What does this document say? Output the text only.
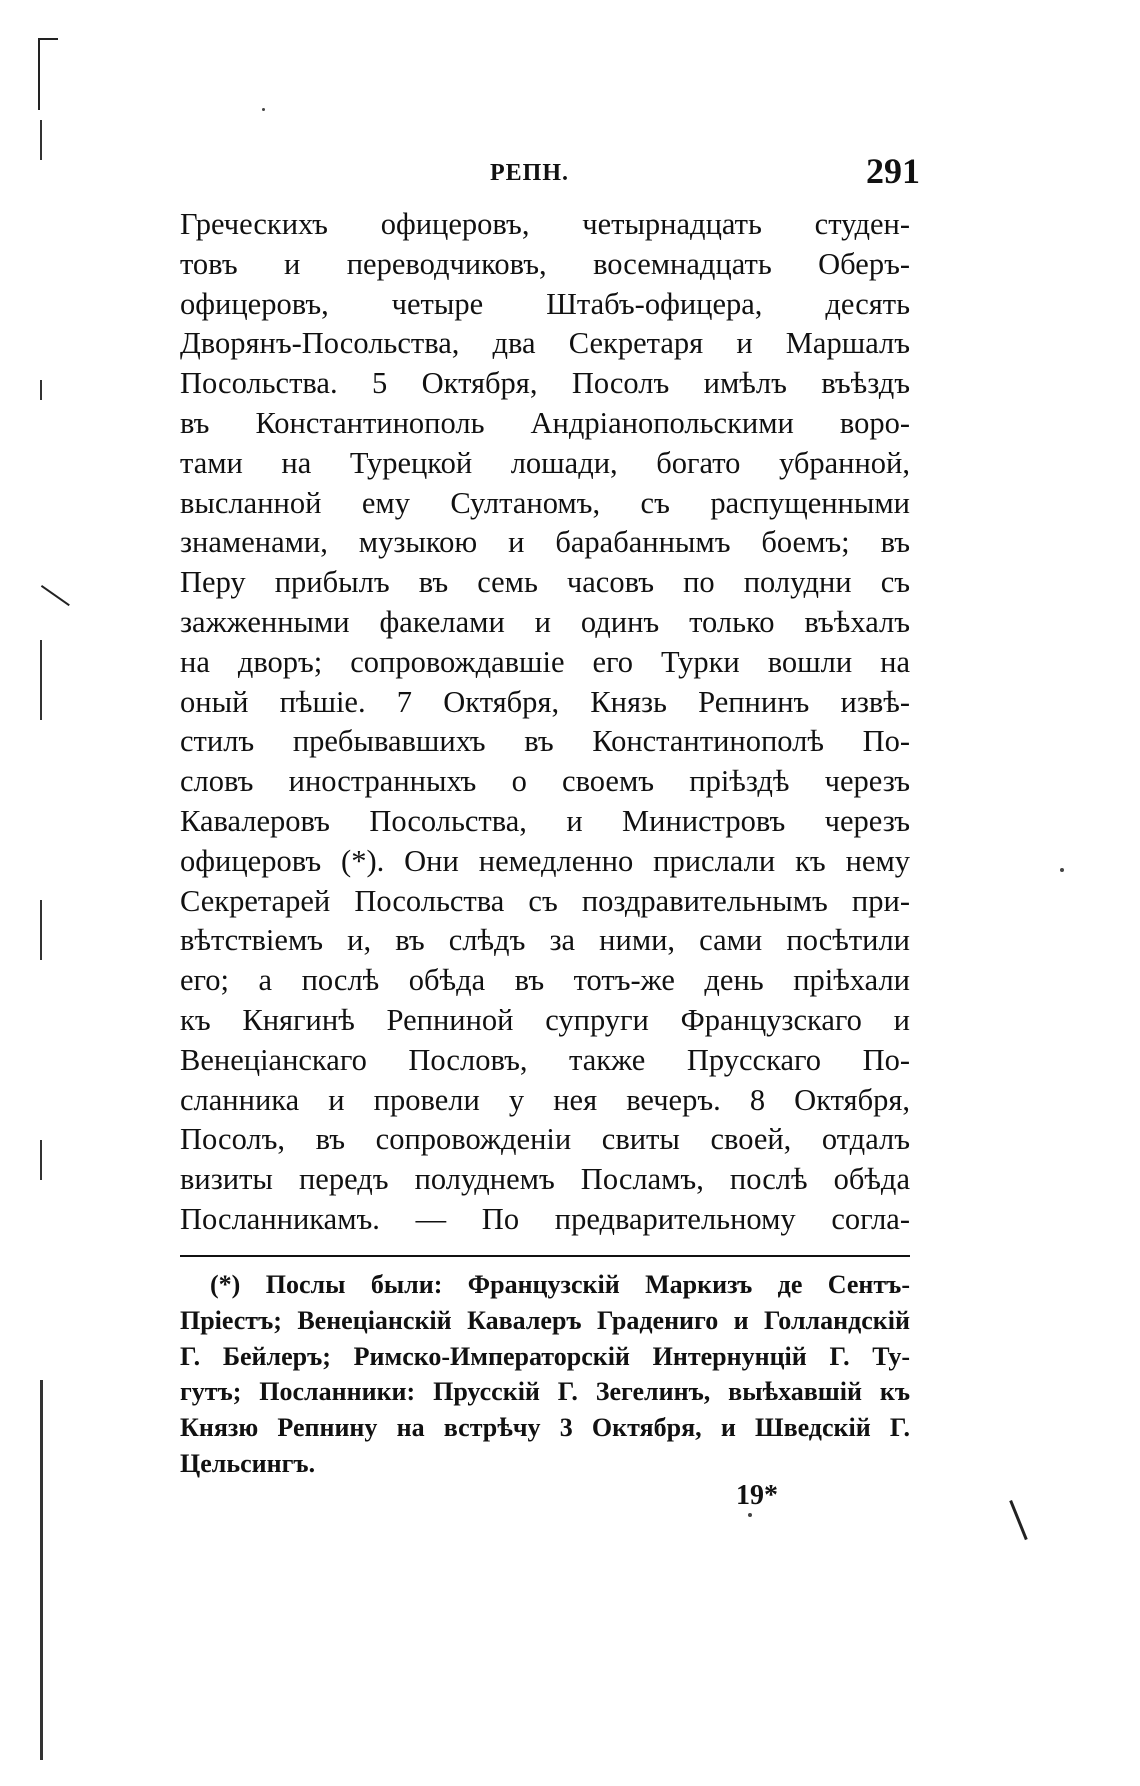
РЕПН.	291
Греческихъ офицеровъ, четырнадцать студен-
товъ и переводчиковъ, восемнадцать Оберъ-
офицеровъ, четыре Штабъ-офицера, десять
Дворянъ-Посольства, два Секретаря и Маршалъ
Посольства. 5 Октября, Посолъ имѣлъ въѣздъ
въ Константинополь Андріанопольскими воро-
тами на Турецкой лошади, богато убранной,
высланной ему Султаномъ, съ распущенными
знаменами, музыкою и барабаннымъ боемъ; въ
Перу прибылъ въ семь часовъ по полудни съ
зажженными факелами и одинъ только въѣхалъ
на дворъ; сопровождавшіе его Турки вошли на
оный пѣшіе. 7 Октября, Князь Репнинъ извѣ-
стилъ пребывавшихъ въ Константинополѣ По-
словъ иностранныхъ о своемъ пріѣздѣ черезъ
Кавалеровъ Посольства, и Министровъ черезъ
офицеровъ (*). Они немедленно прислали къ нему
Секретарей Посольства съ поздравительнымъ при-
вѣтствіемъ и, въ слѣдъ за ними, сами посѣтили
его; а послѣ обѣда въ тотъ-же день пріѣхали
къ Княгинѣ Репниной супруги Французскаго и
Венеціанскаго Пословъ, также Прусскаго По-
сланника и провели у нея вечеръ. 8 Октября,
Посолъ, въ сопровожденіи свиты своей, отдалъ
визиты передъ полуднемъ Посламъ, послѣ обѣда
Посланникамъ. — По предварительному согла-
(*) Послы были: Французскій Маркизъ де Сентъ-
Пріестъ; Венеціанскій Кавалеръ Градениго и Голландскій
Г. Бейлеръ; Римско-Императорскій Интернунцій Г. Ту-
гутъ; Посланники: Прусскій Г. Зегелинъ, выѣхавшій къ
Князю Репнину на встрѣчу 3 Октября, и Шведскій Г.
Цельсингъ.
19*
